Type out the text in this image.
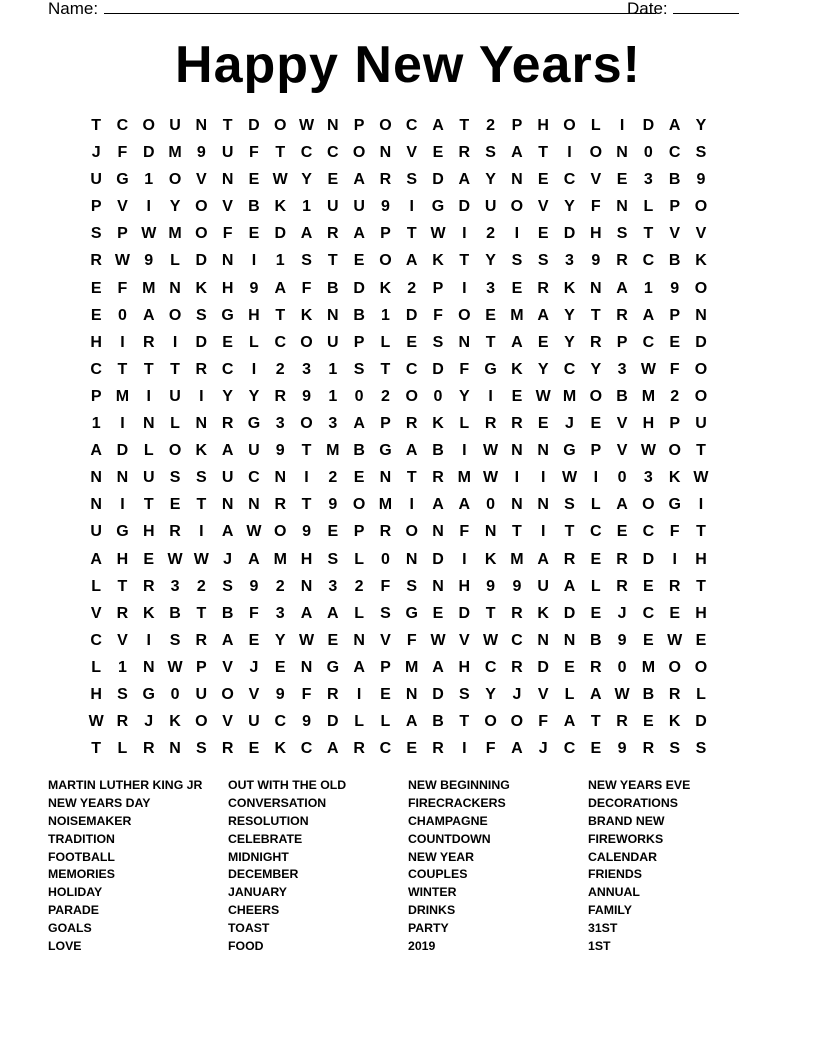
Name:	Date:
Happy New Years!
T C O U N T D O W N P O C A T	2	P H O L	I	D A Y
J	F D M 9	U F	T C C O N V E R S A T	I	O N	0	C S
U G 1 O V N E W Y E A R S D A Y N E C V E	3	B	9
P V	I	Y O V B K	1	U U	9	I	G D U O V Y	F N L	P O
S P W M O F	E D A R A P	T W	I	2	I	E D H S	T	V V
R W 9	L D N	I	1	S	T	E O A K T	Y S S	3	9	R C B K
E	F M N K H	9	A F B D K	2	P	I	3	E R K N A	1	9 O
E	0	A O S G H T K N B	1	D F O E M A Y	T R A P N
H	I	R	I	D E	L C O U P	L	E S N T A E Y R P C E D
C T	T	T R C	I	2	3	1	S	T C D F G K Y C Y	3 W F O
P M	I	U	I	Y Y R	9	1	0	2 O 0	Y	I	E W M O B M 2 O
1	I	N L N R G 3 O 3	A P R K L R R E	J	E V H P U
A D L O K A U	9	T M B G A B	I	W N N G P V W O T
N N U S S U C N	I	2	E N T R M W	I	I	W	I	0	3	K W
N	I	T	E	T N N R T	9 O M	I	A A	0	N N S	L A O G	I
U G H R	I	A W O 9	E P R O N F N T	I	T C E C F	T
A H E W W J	A M H S	L	0	N D	I	K M A R E R D	I	H
L	T R	3	2	S	9	2	N	3	2	F	S N H	9	9	U A L R E R T
V R K B T B F	3	A A L	S G E D T R K D E	J	C E H
C V	I	S R A E Y W E N V	F W V W C N N B	9	E W E
L	1	N W P V	J	E N G A P M A H C R D E R	0 M O O
H S G 0	U O V	9	F R	I	E N D S Y	J	V	L A W B R L
W R	J	K O V U C	9	D L	L A B T O O F A T R E K D
T	L R N S R E K C A R C E R	I	F A	J	C E	9	R S S
MARTIN LUTHER KING JR
NEW YEARS DAY
NOISEMAKER
TRADITION
FOOTBALL
MEMORIES
HOLIDAY
PARADE
GOALS
LOVE
OUT WITH THE OLD
CONVERSATION
RESOLUTION
CELEBRATE
MIDNIGHT
DECEMBER
JANUARY
CHEERS
TOAST
FOOD
NEW BEGINNING
FIRECRACKERS
CHAMPAGNE
COUNTDOWN
NEW YEAR
COUPLES
WINTER
DRINKS
PARTY
2019
NEW YEARS EVE
DECORATIONS
BRAND NEW
FIREWORKS
CALENDAR
FRIENDS
ANNUAL
FAMILY
31ST
1ST
